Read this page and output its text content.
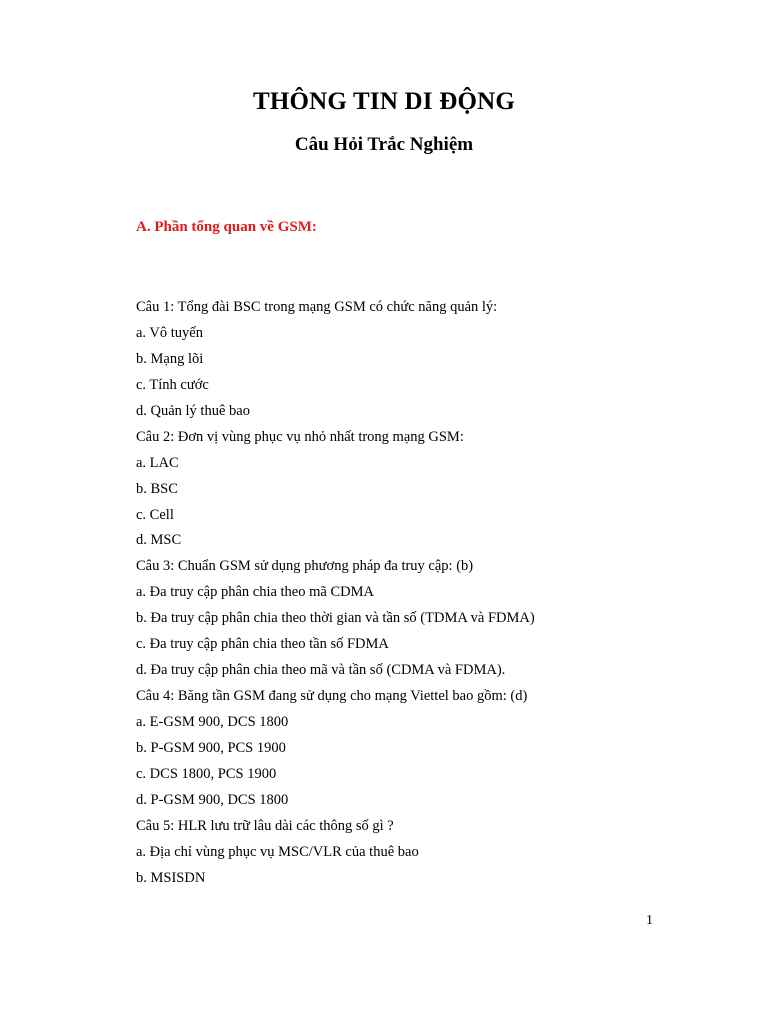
THÔNG TIN DI ĐỘNG
Câu Hỏi Trắc Nghiệm
A. Phần tổng quan về GSM:
Câu 1: Tổng đài BSC trong mạng GSM có chức năng quản lý:
a. Vô tuyến
b. Mạng lõi
c. Tính cước
d. Quản lý thuê bao
Câu 2: Đơn vị vùng phục vụ nhỏ nhất trong mạng GSM:
a. LAC
b. BSC
c. Cell
d. MSC
Câu 3: Chuẩn GSM sử dụng phương pháp đa truy cập: (b)
a. Đa truy cập phân chia theo mã CDMA
b. Đa truy cập phân chia theo thời gian và tần số (TDMA và FDMA)
c. Đa truy cập phân chia theo tần số FDMA
d. Đa truy cập phân chia theo mã và tần số (CDMA và FDMA).
Câu 4: Băng tần GSM đang sử dụng cho mạng Viettel bao gồm: (d)
a. E-GSM 900, DCS 1800
b. P-GSM 900, PCS 1900
c. DCS 1800, PCS 1900
d. P-GSM 900, DCS 1800
Câu 5: HLR lưu trữ lâu dài các thông số gì ?
a. Địa chỉ vùng phục vụ MSC/VLR của thuê bao
b. MSISDN
1
